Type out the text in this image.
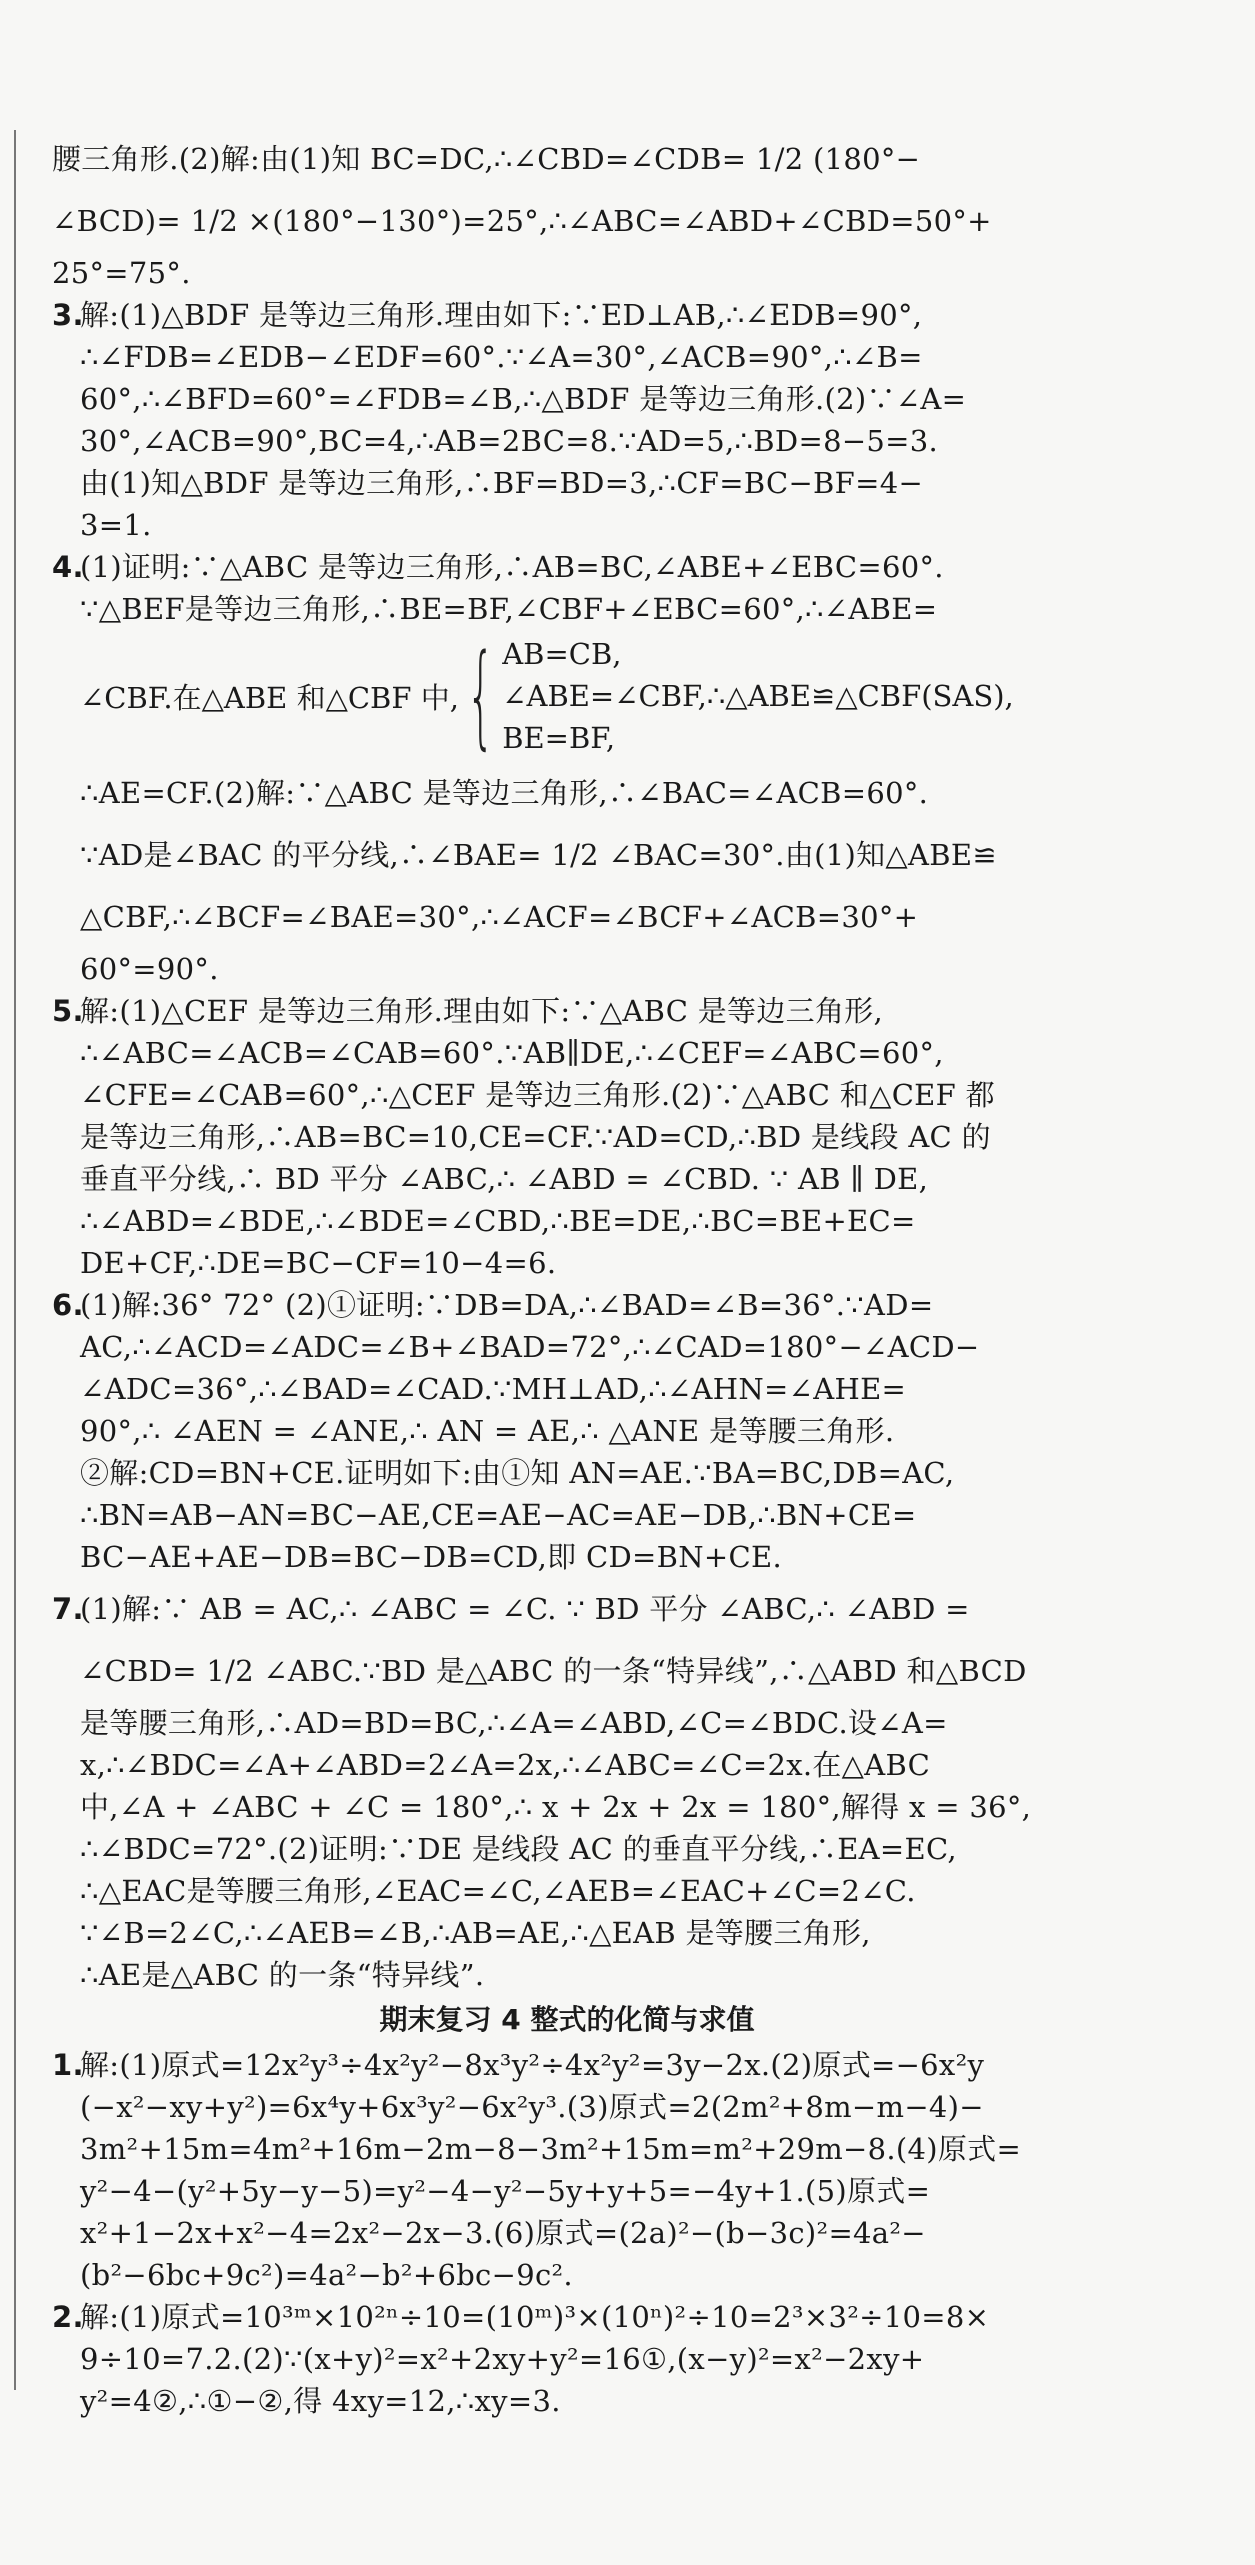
腰三角形.(2)解:由(1)知 BC=DC,∴∠CBD=∠CDB= 1/2 (180°−

∠BCD)= 1/2 ×(180°−130°)=25°,∴∠ABC=∠ABD+∠CBD=50°+

25°=75°.

3.解:(1)△BDF 是等边三角形.理由如下:∵ED⊥AB,∴∠EDB=90°,

∴∠FDB=∠EDB−∠EDF=60°.∵∠A=30°,∠ACB=90°,∴∠B=

60°,∴∠BFD=60°=∠FDB=∠B,∴△BDF 是等边三角形.(2)∵∠A=

30°,∠ACB=90°,BC=4,∴AB=2BC=8.∵AD=5,∴BD=8−5=3.

由(1)知△BDF 是等边三角形,∴BF=BD=3,∴CF=BC−BF=4−

3=1.

4.(1)证明:∵△ABC 是等边三角形,∴AB=BC,∠ABE+∠EBC=60°.

∵△BEF是等边三角形,∴BE=BF,∠CBF+∠EBC=60°,∴∠ABE=

∠CBF.在△ABE 和△CBF 中, { AB=CB,
∠ABE=∠CBF,∴△ABE≌△CBF(SAS),
BE=BF,

∴AE=CF.(2)解:∵△ABC 是等边三角形,∴∠BAC=∠ACB=60°.

∵AD是∠BAC 的平分线,∴∠BAE= 1/2 ∠BAC=30°.由(1)知△ABE≌

△CBF,∴∠BCF=∠BAE=30°,∴∠ACF=∠BCF+∠ACB=30°+

60°=90°.

5.解:(1)△CEF 是等边三角形.理由如下:∵△ABC 是等边三角形,

∴∠ABC=∠ACB=∠CAB=60°.∵AB∥DE,∴∠CEF=∠ABC=60°,

∠CFE=∠CAB=60°,∴△CEF 是等边三角形.(2)∵△ABC 和△CEF 都

是等边三角形,∴AB=BC=10,CE=CF.∵AD=CD,∴BD 是线段 AC 的

垂直平分线,∴ BD 平分 ∠ABC,∴ ∠ABD = ∠CBD. ∵ AB ∥ DE,

∴∠ABD=∠BDE,∴∠BDE=∠CBD,∴BE=DE,∴BC=BE+EC=

DE+CF,∴DE=BC−CF=10−4=6.

6.(1)解:36° 72° (2)①证明:∵DB=DA,∴∠BAD=∠B=36°.∵AD=

AC,∴∠ACD=∠ADC=∠B+∠BAD=72°,∴∠CAD=180°−∠ACD−

∠ADC=36°,∴∠BAD=∠CAD.∵MH⊥AD,∴∠AHN=∠AHE=

90°,∴ ∠AEN = ∠ANE,∴ AN = AE,∴ △ANE 是等腰三角形.

②解:CD=BN+CE.证明如下:由①知 AN=AE.∵BA=BC,DB=AC,

∴BN=AB−AN=BC−AE,CE=AE−AC=AE−DB,∴BN+CE=

BC−AE+AE−DB=BC−DB=CD,即 CD=BN+CE.

7.(1)解:∵ AB = AC,∴ ∠ABC = ∠C. ∵ BD 平分 ∠ABC,∴ ∠ABD =

∠CBD= 1/2 ∠ABC.∵BD 是△ABC 的一条“特异线”,∴△ABD 和△BCD

是等腰三角形,∴AD=BD=BC,∴∠A=∠ABD,∠C=∠BDC.设∠A=

x,∴∠BDC=∠A+∠ABD=2∠A=2x,∴∠ABC=∠C=2x.在△ABC

中,∠A + ∠ABC + ∠C = 180°,∴ x + 2x + 2x = 180°,解得 x = 36°,

∴∠BDC=72°.(2)证明:∵DE 是线段 AC 的垂直平分线,∴EA=EC,

∴△EAC是等腰三角形,∠EAC=∠C,∠AEB=∠EAC+∠C=2∠C.

∵∠B=2∠C,∴∠AEB=∠B,∴AB=AE,∴△EAB 是等腰三角形,

∴AE是△ABC 的一条“特异线”.

期末复习 4 整式的化简与求值

1.解:(1)原式=12x²y³÷4x²y²−8x³y²÷4x²y²=3y−2x.(2)原式=−6x²y

(−x²−xy+y²)=6x⁴y+6x³y²−6x²y³.(3)原式=2(2m²+8m−m−4)−

3m²+15m=4m²+16m−2m−8−3m²+15m=m²+29m−8.(4)原式=

y²−4−(y²+5y−y−5)=y²−4−y²−5y+y+5=−4y+1.(5)原式=

x²+1−2x+x²−4=2x²−2x−3.(6)原式=(2a)²−(b−3c)²=4a²−

(b²−6bc+9c²)=4a²−b²+6bc−9c².

2.解:(1)原式=10³ᵐ×10²ⁿ÷10=(10ᵐ)³×(10ⁿ)²÷10=2³×3²÷10=8×

9÷10=7.2.(2)∵(x+y)²=x²+2xy+y²=16①,(x−y)²=x²−2xy+

y²=4②,∴①−②,得 4xy=12,∴xy=3.
